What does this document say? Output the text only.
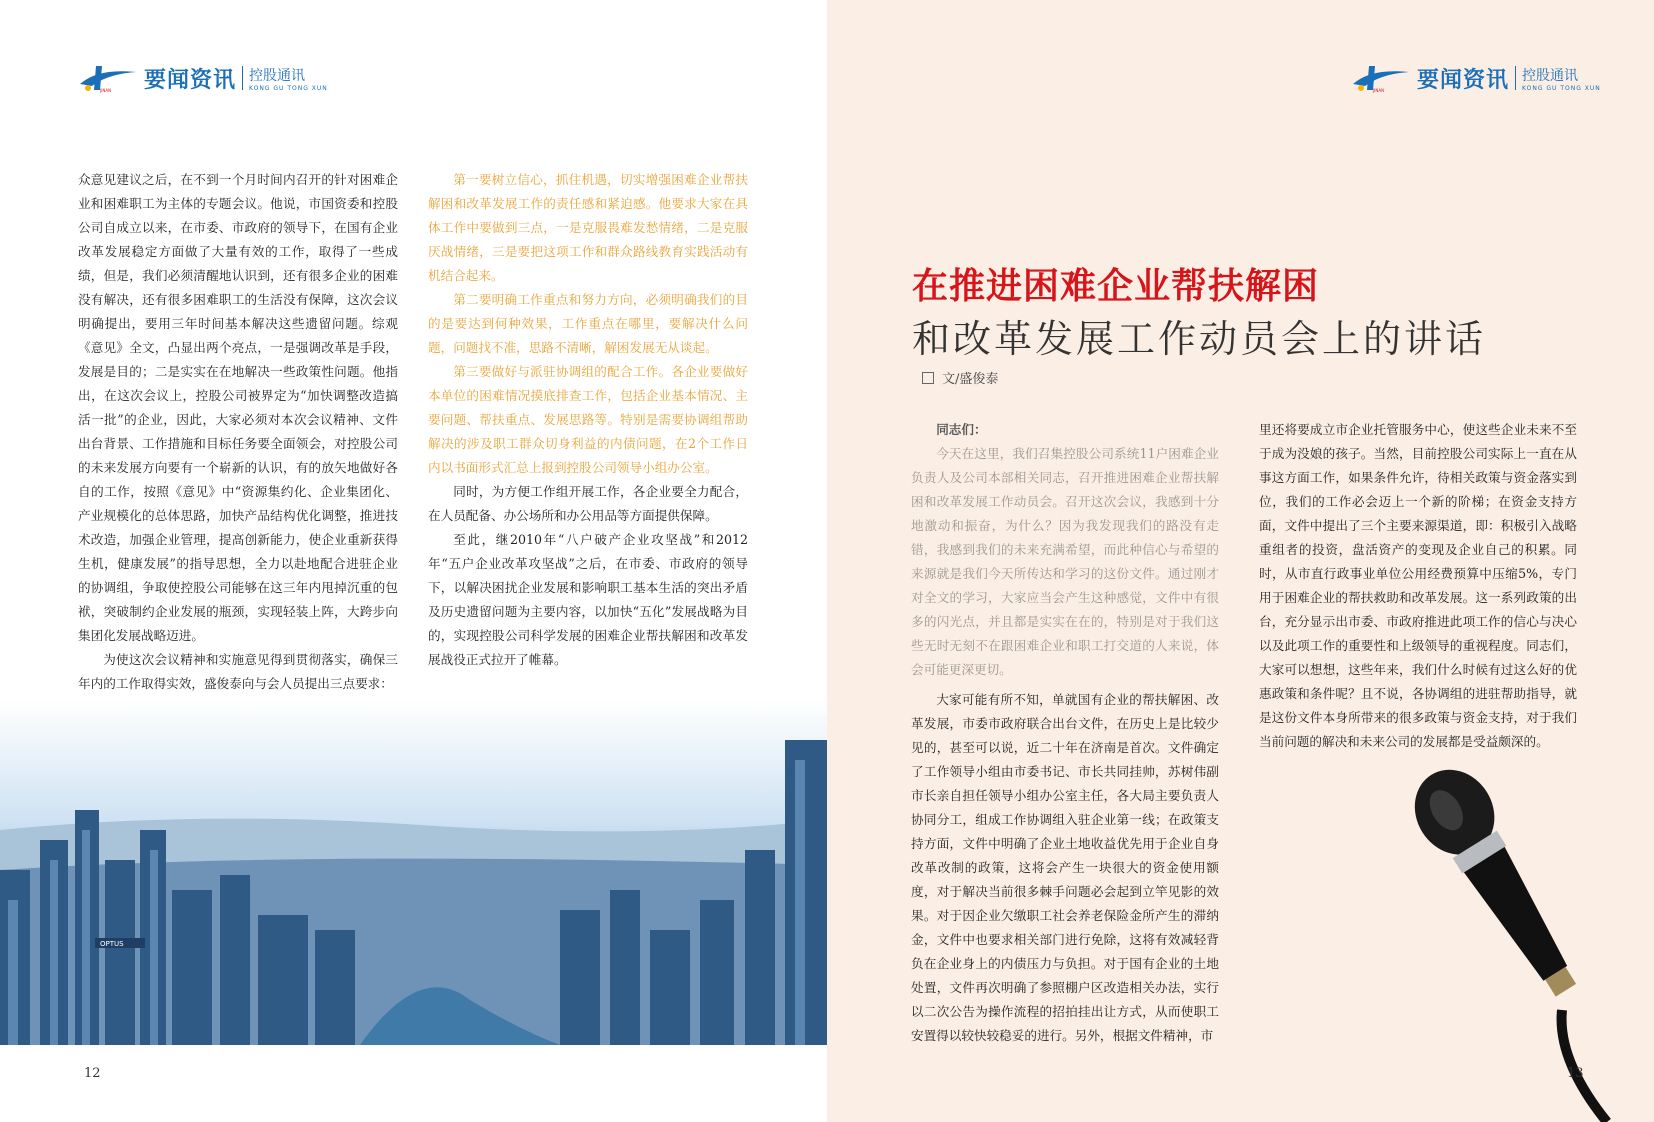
JINAN 要闻资讯 控股通讯
KONG GU TONG XUN

众意见建议之后，在不到一个月时间内召开的针对困难企业和困难职工为主体的专题会议。他说，市国资委和控股公司自成立以来，在市委、市政府的领导下，在国有企业改革发展稳定方面做了大量有效的工作，取得了一些成绩，但是，我们必须清醒地认识到，还有很多企业的困难没有解决，还有很多困难职工的生活没有保障，这次会议明确提出，要用三年时间基本解决这些遗留问题。综观《意见》全文，凸显出两个亮点，一是强调改革是手段，发展是目的；二是实实在在地解决一些政策性问题。他指出，在这次会议上，控股公司被界定为“加快调整改造搞活一批”的企业，因此，大家必须对本次会议精神、文件出台背景、工作措施和目标任务要全面领会，对控股公司的未来发展方向要有一个崭新的认识，有的放矢地做好各自的工作，按照《意见》中“资源集约化、企业集团化、产业规模化的总体思路，加快产品结构优化调整，推进技术改造，加强企业管理，提高创新能力，使企业重新获得生机，健康发展”的指导思想，全力以赴地配合进驻企业的协调组，争取使控股公司能够在这三年内甩掉沉重的包袱，突破制约企业发展的瓶颈，实现轻装上阵，大跨步向集团化发展战略迈进。

为使这次会议精神和实施意见得到贯彻落实，确保三年内的工作取得实效，盛俊泰向与会人员提出三点要求：

第一要树立信心，抓住机遇，切实增强困难企业帮扶解困和改革发展工作的责任感和紧迫感。他要求大家在具体工作中要做到三点，一是克服畏难发愁情绪，二是克服厌战情绪，三是要把这项工作和群众路线教育实践活动有机结合起来。

第二要明确工作重点和努力方向，必须明确我们的目的是要达到何种效果，工作重点在哪里，要解决什么问题，问题找不准，思路不清晰，解困发展无从谈起。

第三要做好与派驻协调组的配合工作。各企业要做好本单位的困难情况摸底排查工作，包括企业基本情况、主要问题、帮扶重点、发展思路等。特别是需要协调组帮助解决的涉及职工群众切身利益的内债问题，在2个工作日内以书面形式汇总上报到控股公司领导小组办公室。

同时，为方便工作组开展工作，各企业要全力配合，在人员配备、办公场所和办公用品等方面提供保障。

至此，继2010年“八户破产企业攻坚战”和2012年“五户企业改革攻坚战”之后，在市委、市政府的领导下，以解决困扰企业发展和影响职工基本生活的突出矛盾及历史遗留问题为主要内容，以加快“五化”发展战略为目的，实现控股公司科学发展的困难企业帮扶解困和改革发展战役正式拉开了帷幕。

OPTUS
12
JINAN 要闻资讯 控股通讯
KONG GU TONG XUN
在推进困难企业帮扶解困
和改革发展工作动员会上的讲话
文/盛俊泰

同志们：

今天在这里，我们召集控股公司系统11户困难企业负责人及公司本部相关同志，召开推进困难企业帮扶解困和改革发展工作动员会。召开这次会议，我感到十分地激动和振奋，为什么？因为我发现我们的路没有走错，我感到我们的未来充满希望，而此种信心与希望的来源就是我们今天所传达和学习的这份文件。通过刚才对全文的学习，大家应当会产生这种感觉，文件中有很多的闪光点，并且都是实实在在的，特别是对于我们这些无时无刻不在跟困难企业和职工打交道的人来说，体会可能更深更切。

大家可能有所不知，单就国有企业的帮扶解困、改革发展，市委市政府联合出台文件，在历史上是比较少见的，甚至可以说，近二十年在济南是首次。文件确定了工作领导小组由市委书记、市长共同挂帅，苏树伟副市长亲自担任领导小组办公室主任，各大局主要负责人协同分工，组成工作协调组入驻企业第一线；在政策支持方面，文件中明确了企业土地收益优先用于企业自身改革改制的政策，这将会产生一块很大的资金使用额度，对于解决当前很多棘手问题必会起到立竿见影的效果。对于因企业欠缴职工社会养老保险金所产生的滞纳金，文件中也要求相关部门进行免除，这将有效减轻背负在企业身上的内债压力与负担。对于国有企业的土地处置，文件再次明确了参照棚户区改造相关办法，实行以二次公告为操作流程的招拍挂出让方式，从而使职工安置得以较快较稳妥的进行。另外，根据文件精神，市

里还将要成立市企业托管服务中心，使这些企业未来不至于成为没娘的孩子。当然，目前控股公司实际上一直在从事这方面工作，如果条件允许，待相关政策与资金落实到位，我们的工作必会迈上一个新的阶梯；在资金支持方面，文件中提出了三个主要来源渠道，即：积极引入战略重组者的投资，盘活资产的变现及企业自己的积累。同时，从市直行政事业单位公用经费预算中压缩5%，专门用于困难企业的帮扶救助和改革发展。这一系列政策的出台，充分显示出市委、市政府推进此项工作的信心与决心以及此项工作的重要性和上级领导的重视程度。同志们，大家可以想想，这些年来，我们什么时候有过这么好的优惠政策和条件呢？且不说，各协调组的进驻帮助指导，就是这份文件本身所带来的很多政策与资金支持，对于我们当前问题的解决和未来公司的发展都是受益颇深的。

13
